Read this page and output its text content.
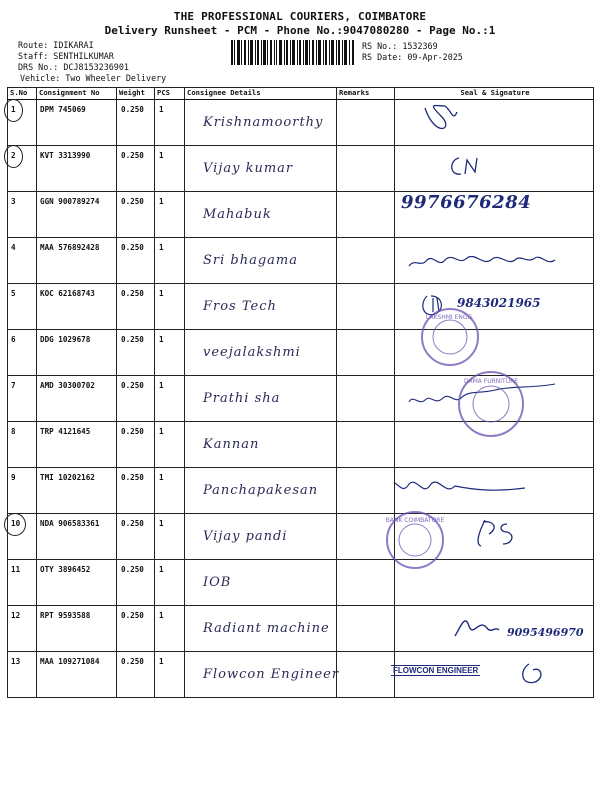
THE PROFESSIONAL COURIERS, COIMBATORE
Delivery Runsheet - PCM - Phone No.:9047080280 - Page No.:1
Route: IDIKARAI
Staff: SENTHILKUMAR
DRS No.: DCJ8153236901
Vehicle: Two Wheeler Delivery
RS No.: 1532369
RS Date: 09-Apr-2025
S.No	Consignment No	Weight	PCS	Consignee Details	Remarks	Seal & Signature

1	DPM 745069	0.250	1	Krishnamoorthy

2	KVT 3313990	0.250	1	Vijay kumar

3	GGN 900789274	0.250	1	Mahabuk		9976676284

4	MAA 576892428	0.250	1	Sri bhagama

5	KOC 62168743	0.250	1	Fros Tech		9843021965

6	DDG 1029678	0.250	1	veejalakshmi		

7	AMD 30300702	0.250	1	Prathi sha

8	TRP 4121645	0.250	1	Kannan		

9	TMI 10202162	0.250	1	Panchapakesan

10	NDA 906583361	0.250	1	Vijay pandi

11	OTY 3896452	0.250	1	IOB		

12	RPT 9593588	0.250	1	Radiant machine		9095496970

13	MAA 109271084	0.250	1	Flowcon Engineer		FLOWCON ENGINEER
LAKSHMI ENGG.
DAMA FURNITURE
BANK COIMBATORE
